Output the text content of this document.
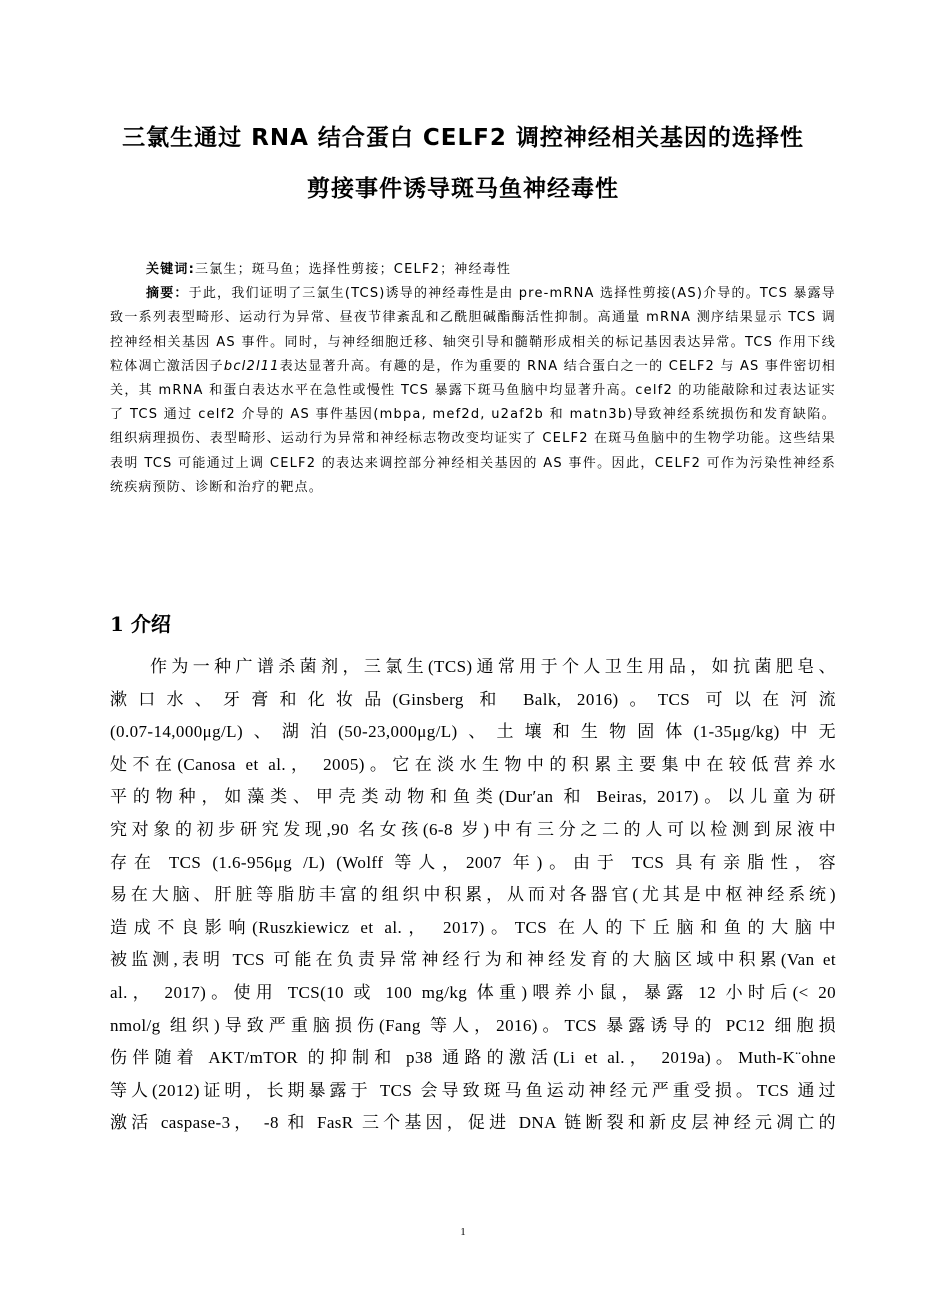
三氯生通过 RNA 结合蛋白 CELF2 调控神经相关基因的选择性
剪接事件诱导斑马鱼神经毒性

关键词:三氯生；斑马鱼；选择性剪接；CELF2；神经毒性

摘要：于此，我们证明了三氯生(TCS)诱导的神经毒性是由 pre-mRNA 选择性剪接(AS)介导的。TCS 暴露导致一系列表型畸形、运动行为异常、昼夜节律紊乱和乙酰胆碱酯酶活性抑制。高通量 mRNA 测序结果显示 TCS 调控神经相关基因 AS 事件。同时，与神经细胞迁移、轴突引导和髓鞘形成相关的标记基因表达异常。TCS 作用下线粒体凋亡激活因子bcl2l11表达显著升高。有趣的是，作为重要的 RNA 结合蛋白之一的 CELF2 与 AS 事件密切相关，其 mRNA 和蛋白表达水平在急性或慢性 TCS 暴露下斑马鱼脑中均显著升高。celf2 的功能敲除和过表达证实了 TCS 通过 celf2 介导的 AS 事件基因(mbpa, mef2d, u2af2b 和 matn3b)导致神经系统损伤和发育缺陷。组织病理损伤、表型畸形、运动行为异常和神经标志物改变均证实了 CELF2 在斑马鱼脑中的生物学功能。这些结果表明 TCS 可能通过上调 CELF2 的表达来调控部分神经相关基因的 AS 事件。因此，CELF2 可作为污染性神经系统疾病预防、诊断和治疗的靶点。

1 介绍
作为一种广谱杀菌剂，三氯生(TCS)通常用于个人卫生用品，如抗菌肥皂、
漱口水、牙膏和化妆品(Ginsberg 和 Balk, 2016)。TCS 可以在河流
(0.07-14,000μg/L)、湖泊(50-23,000μg/L)、土壤和生物固体(1-35μg/kg)中无
处不在(Canosa et al.， 2005)。它在淡水生物中的积累主要集中在较低营养水
平的物种，如藻类、甲壳类动物和鱼类(Dur′an 和 Beiras, 2017)。以儿童为研
究对象的初步研究发现,90 名女孩(6-8 岁)中有三分之二的人可以检测到尿液中
存在 TCS (1.6-956μg /L) (Wolff 等人，2007 年)。由于 TCS 具有亲脂性，容
易在大脑、肝脏等脂肪丰富的组织中积累，从而对各器官(尤其是中枢神经系统)
造成不良影响(Ruszkiewicz et al.， 2017)。TCS 在人的下丘脑和鱼的大脑中
被监测,表明 TCS 可能在负责异常神经行为和神经发育的大脑区域中积累(Van et
al.， 2017)。使用 TCS(10 或 100 mg/kg 体重)喂养小鼠，暴露 12 小时后(< 20
nmol/g 组织)导致严重脑损伤(Fang 等人，2016)。TCS 暴露诱导的 PC12 细胞损
伤伴随着 AKT/mTOR 的抑制和 p38 通路的激活(Li et al.， 2019a)。Muth-K¨ohne
等人(2012)证明，长期暴露于 TCS 会导致斑马鱼运动神经元严重受损。TCS 通过
激活 caspase-3， -8 和 FasR 三个基因，促进 DNA 链断裂和新皮层神经元凋亡的
1
